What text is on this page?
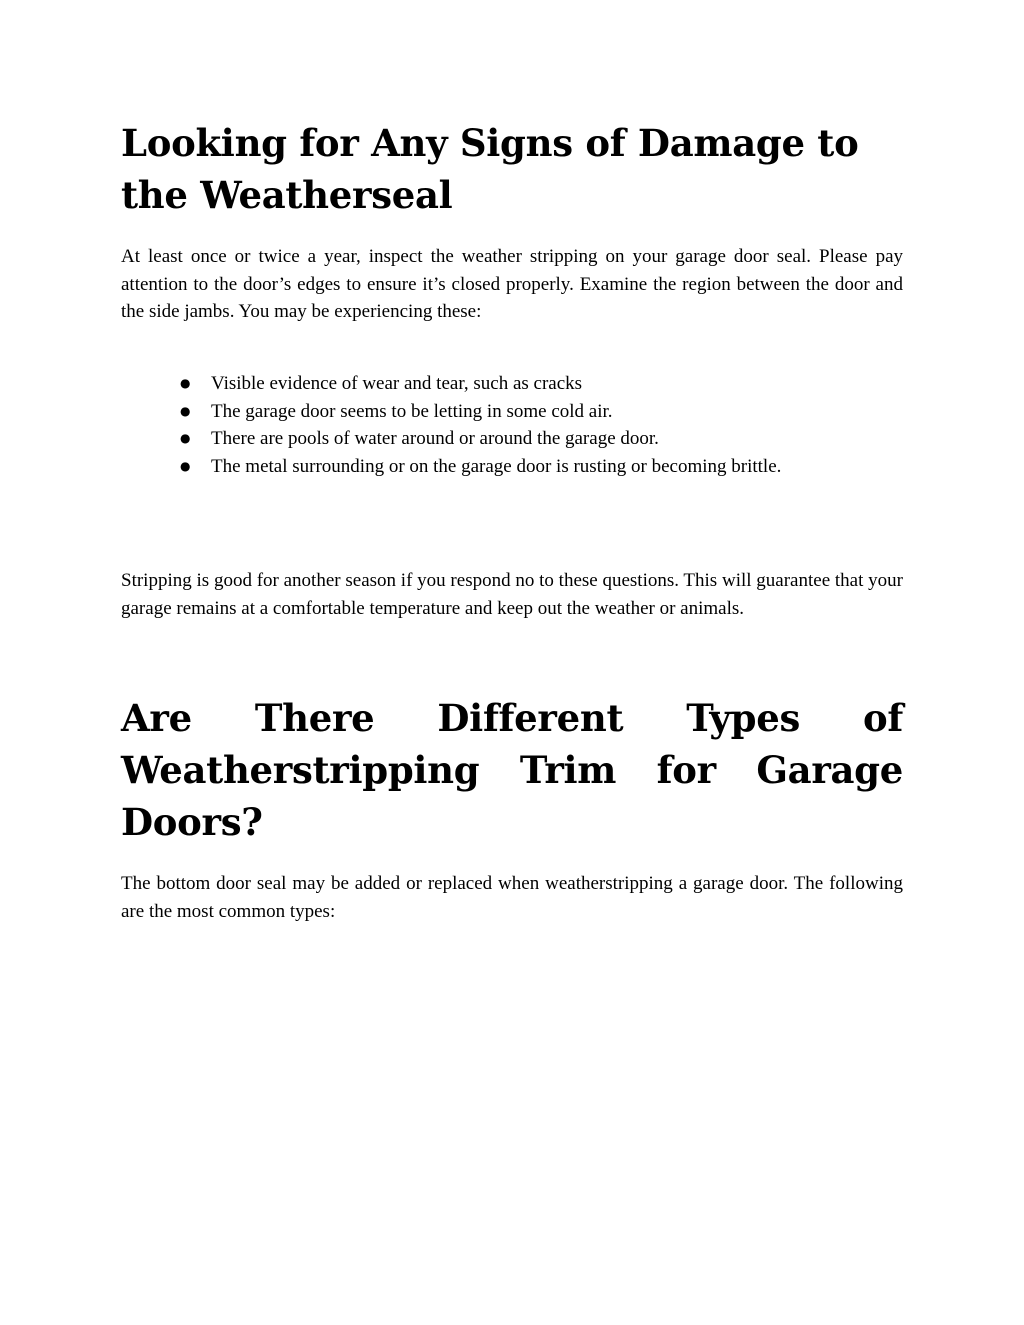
Looking for Any Signs of Damage to the Weatherseal

At least once or twice a year, inspect the weather stripping on your garage door seal. Please pay attention to the door’s edges to ensure it’s closed properly. Examine the region between the door and the side jambs. You may be experiencing these:

● Visible evidence of wear and tear, such as cracks
● The garage door seems to be letting in some cold air.
● There are pools of water around or around the garage door.
● The metal surrounding or on the garage door is rusting or becoming brittle.

Stripping is good for another season if you respond no to these questions. This will guarantee that your garage remains at a comfortable temperature and keep out the weather or animals.

Are There Different Types of
Weatherstripping Trim for Garage
Doors?

The bottom door seal may be added or replaced when weatherstripping a garage door. The following are the most common types:
